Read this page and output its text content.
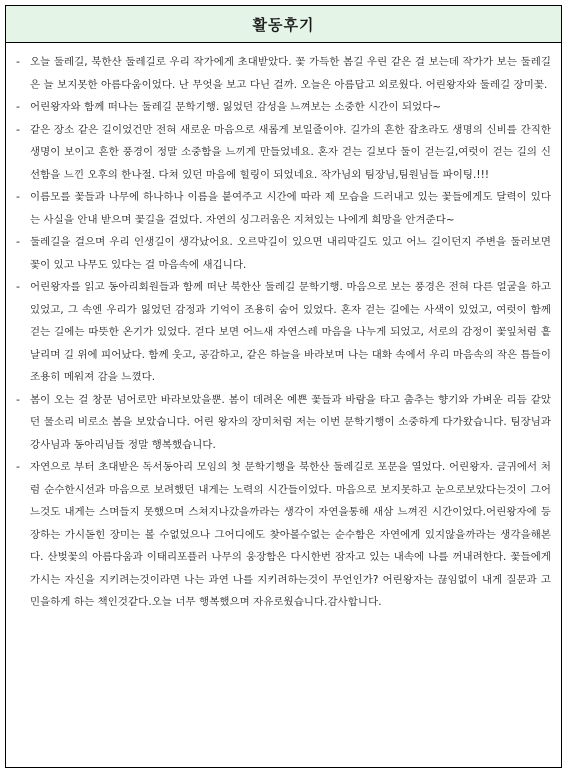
활동후기
- 오늘 둘레길, 북한산 둘레길로 우리 작가에게 초대받았다. 꽃 가득한 봄길 우린 같은 걸 보는데 작가가 보는 둘레길은 늘 보지못한 아름다움이었다. 난 무엇을 보고 다닌 걸까. 오늘은 아름답고 외로웠다. 어린왕자와 둘레길 장미꽃.
- 어린왕자와 함께 떠나는 둘레길 문학기행. 잃었던 감성을 느껴보는 소중한 시간이 되었다~
- 같은 장소 같은 길이었건만 전혀 새로운 마음으로 새롭게 보일줄이야. 길가의 흔한 잡초라도 생명의 신비를 간직한 생명이 보이고 흔한 풍경이 정말 소중함을 느끼게 만들었네요. 혼자 걷는 길보다 둘이 걷는길,여럿이 걷는 길의 신선함을 느낀 오후의 한나절. 다쳐 있던 마음에 힐링이 되었네요. 작가님외 팀장님,팀원님들 파이팅.!!!
- 이름모를 꽃들과 나무에 하나하나 이름을 붙여주고 시간에 따라 제 모습을 드러내고 있는 꽃들에게도 달력이 있다는 사실을 안내 받으며 꽃길을 걸었다. 자연의 싱그러움은 지쳐있는 나에게 희망을 안겨준다~
- 둘레길을 걸으며 우리 인생길이 생각났어요. 오르막길이 있으면 내리막길도 있고 어느 길이던지 주변을 둘러보면 꽃이 있고 나무도 있다는 걸 마음속에 새깁니다.
- 어린왕자를 읽고 동아리회원들과 함께 떠난 북한산 둘레길 문학기행. 마음으로 보는 풍경은 전혀 다른 얼굴을 하고 있었고, 그 속엔 우리가 잃었던 감정과 기억이 조용히 숨어 있었다. 혼자 걷는 길에는 사색이 있었고, 여럿이 함께 걷는 길에는 따뜻한 온기가 있었다. 걷다 보면 어느새 자연스레 마음을 나누게 되었고, 서로의 감정이 꽃잎처럼 흩날리며 길 위에 피어났다. 함께 웃고, 공감하고, 같은 하늘을 바라보며 나는 대화 속에서 우리 마음속의 작은 틈들이 조용히 메워져 감을 느꼈다.
- 봄이 오는 걸 창문 넘어로만 바라보았을뿐. 봄이 데려온 예쁜 꽃들과 바람을 타고 춤추는 향기와 가벼운 리듬 같았던 물소리 비로소 봄을 보았습니다. 어린 왕자의 장미처럼 저는 이번 문학기행이 소중하게 다가왔습니다. 팀장님과 강사님과 동아리님들 정말 행복했습니다.
- 자연으로 부터 초대받은 독서동아리 모임의 첫 문학기행을 북한산 둘레길로 포문을 열었다. 어린왕자. 글귀에서 처럼 순수한시선과 마음으로 보려했던 내게는 노력의 시간들이었다. 마음으로 보지못하고 눈으로보았다는것이 그어느것도 내게는 스며들지 못했으며 스쳐지나갔을까라는 생각이 자연을통해 새삼 느껴진 시간이었다.어린왕자에 등장하는 가시돋힌 장미는 볼 수없었으나 그어디에도 찾아볼수없는 순수함은 자연에게 있지않을까라는 생각을해본다. 산벚꽃의 아름다움과 이태리포플러 나무의 웅장함은 다시한번 잠자고 있는 내속에 나를 꺼내려한다. 꽃들에게 가시는 자신을 지키려는것이라면 나는 과연 나를 지키려하는것이 무언인가? 어린왕자는 끊임없이 내게 질문과 고민을하게 하는 책인것같다.오늘 너무 행복했으며 자유로웠습니다.감사합니다.
